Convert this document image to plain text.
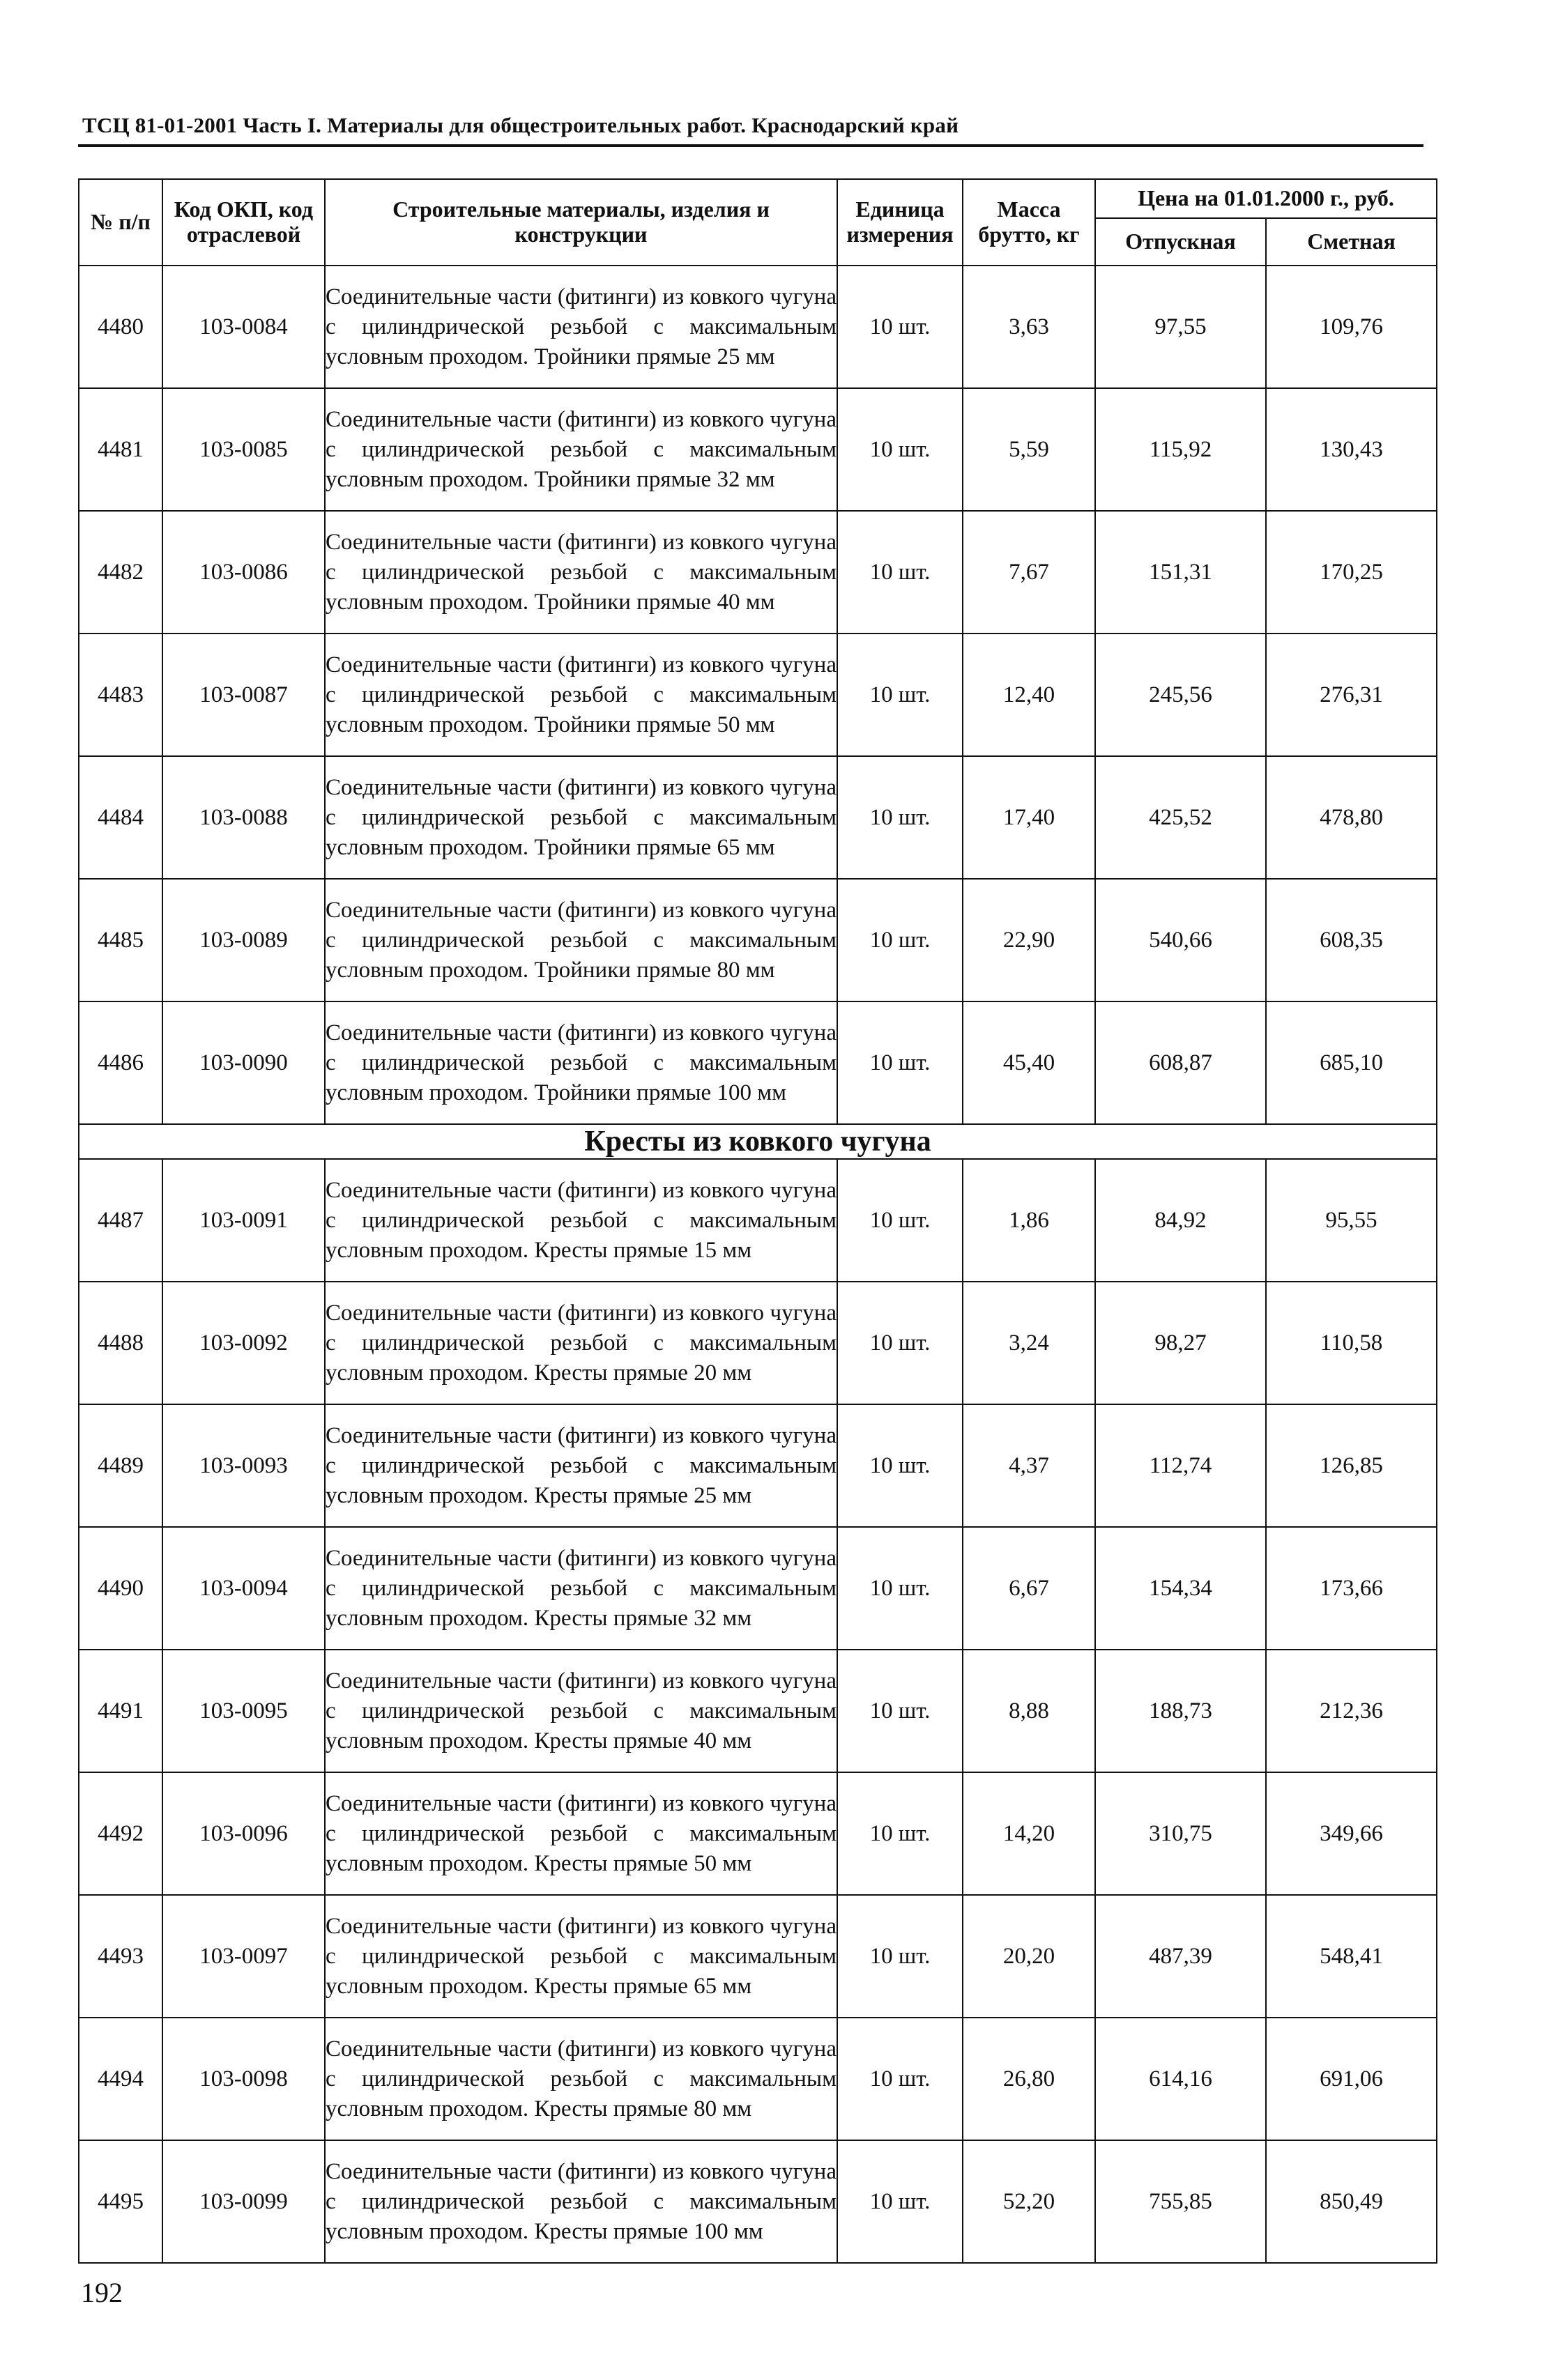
ТСЦ 81-01-2001 Часть I. Материалы для общестроительных работ. Краснодарский край
№ п/п	Код ОКП, код отраслевой	Строительные материалы, изделия и конструкции	Единица измерения	Масса брутто, кг	Цена на 01.01.2000 г., руб.	
					Отпускная	Сметная
4480	103-0084	Соединительные части (фитинги) из ковкого чугуна с цилиндрической резьбой с максимальным условным проходом. Тройники прямые 25 мм	10 шт.	3,63	97,55	109,76
4481	103-0085	Соединительные части (фитинги) из ковкого чугуна с цилиндрической резьбой с максимальным условным проходом. Тройники прямые 32 мм	10 шт.	5,59	115,92	130,43
4482	103-0086	Соединительные части (фитинги) из ковкого чугуна с цилиндрической резьбой с максимальным условным проходом. Тройники прямые 40 мм	10 шт.	7,67	151,31	170,25
4483	103-0087	Соединительные части (фитинги) из ковкого чугуна с цилиндрической резьбой с максимальным условным проходом. Тройники прямые 50 мм	10 шт.	12,40	245,56	276,31
4484	103-0088	Соединительные части (фитинги) из ковкого чугуна с цилиндрической резьбой с максимальным условным проходом. Тройники прямые 65 мм	10 шт.	17,40	425,52	478,80
4485	103-0089	Соединительные части (фитинги) из ковкого чугуна с цилиндрической резьбой с максимальным условным проходом. Тройники прямые 80 мм	10 шт.	22,90	540,66	608,35
4486	103-0090	Соединительные части (фитинги) из ковкого чугуна с цилиндрической резьбой с максимальным условным проходом. Тройники прямые 100 мм	10 шт.	45,40	608,87	685,10
Кресты из ковкого чугуна						
4487	103-0091	Соединительные части (фитинги) из ковкого чугуна с цилиндрической резьбой с максимальным условным проходом. Кресты прямые 15 мм	10 шт.	1,86	84,92	95,55
4488	103-0092	Соединительные части (фитинги) из ковкого чугуна с цилиндрической резьбой с максимальным условным проходом. Кресты прямые 20 мм	10 шт.	3,24	98,27	110,58
4489	103-0093	Соединительные части (фитинги) из ковкого чугуна с цилиндрической резьбой с максимальным условным проходом. Кресты прямые 25 мм	10 шт.	4,37	112,74	126,85
4490	103-0094	Соединительные части (фитинги) из ковкого чугуна с цилиндрической резьбой с максимальным условным проходом. Кресты прямые 32 мм	10 шт.	6,67	154,34	173,66
4491	103-0095	Соединительные части (фитинги) из ковкого чугуна с цилиндрической резьбой с максимальным условным проходом. Кресты прямые 40 мм	10 шт.	8,88	188,73	212,36
4492	103-0096	Соединительные части (фитинги) из ковкого чугуна с цилиндрической резьбой с максимальным условным проходом. Кресты прямые 50 мм	10 шт.	14,20	310,75	349,66
4493	103-0097	Соединительные части (фитинги) из ковкого чугуна с цилиндрической резьбой с максимальным условным проходом. Кресты прямые 65 мм	10 шт.	20,20	487,39	548,41
4494	103-0098	Соединительные части (фитинги) из ковкого чугуна с цилиндрической резьбой с максимальным условным проходом. Кресты прямые 80 мм	10 шт.	26,80	614,16	691,06
4495	103-0099	Соединительные части (фитинги) из ковкого чугуна с цилиндрической резьбой с максимальным условным проходом. Кресты прямые 100 мм	10 шт.	52,20	755,85	850,49
192
